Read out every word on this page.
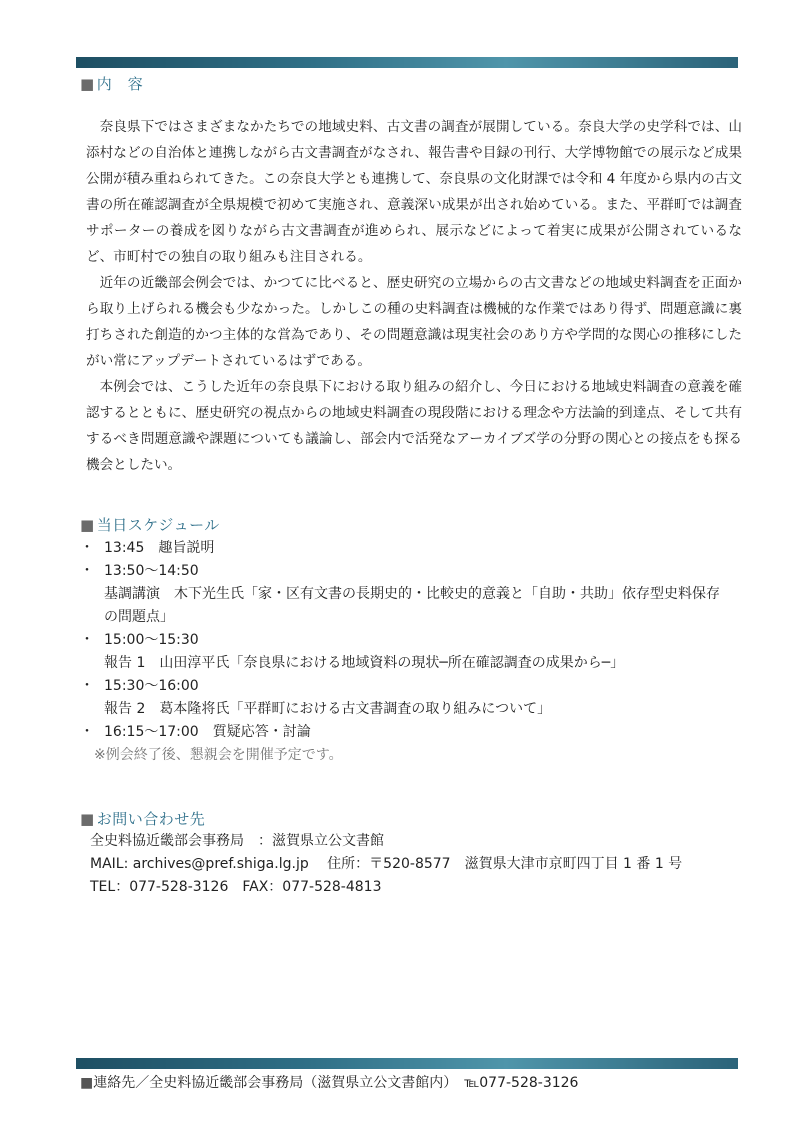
■ 内　容

奈良県下ではさまざまなかたちでの地域史料、古文書の調査が展開している。奈良大学の史学科では、山添村などの自治体と連携しながら古文書調査がなされ、報告書や目録の刊行、大学博物館での展示など成果公開が積み重ねられてきた。この奈良大学とも連携して、奈良県の文化財課では令和 4 年度から県内の古文書の所在確認調査が全県規模で初めて実施され、意義深い成果が出され始めている。また、平群町では調査サポーターの養成を図りながら古文書調査が進められ、展示などによって着実に成果が公開されているなど、市町村での独自の取り組みも注目される。

近年の近畿部会例会では、かつてに比べると、歴史研究の立場からの古文書などの地域史料調査を正面から取り上げられる機会も少なかった。しかしこの種の史料調査は機械的な作業ではあり得ず、問題意識に裏打ちされた創造的かつ主体的な営為であり、その問題意識は現実社会のあり方や学問的な関心の推移にしたがい常にアップデートされているはずである。

本例会では、こうした近年の奈良県下における取り組みの紹介し、今日における地域史料調査の意義を確認するとともに、歴史研究の視点からの地域史料調査の現段階における理念や方法論的到達点、そして共有するべき問題意識や課題についても議論し、部会内で活発なアーカイブズ学の分野の関心との接点をも探る機会としたい。

■ 当日スケジュール
・ 13:45 趣旨説明
・ 13:50〜14:50
基調講演　木下光生氏「家・区有文書の長期史的・比較史的意義と「自助・共助」依存型史料保存
の問題点」
・ 15:00〜15:30
報告 1　山田淳平氏「奈良県における地域資料の現状─所在確認調査の成果から─」
・ 15:30〜16:00
報告 2　葛本隆将氏「平群町における古文書調査の取り組みについて」
・ 16:15〜17:00 質疑応答・討論
※例会終了後、懇親会を開催予定です。
■ お問い合わせ先
全史料協近畿部会事務局　：滋賀県立公文書館
MAIL: archives@pref.shiga.lg.jp　 住所：〒520-8577　滋賀県大津市京町四丁目 1 番 1 号
TEL：077-528-3126　FAX：077-528-4813
■連絡先／全史料協近畿部会事務局（滋賀県立公文書館内）　℡077-528-3126
